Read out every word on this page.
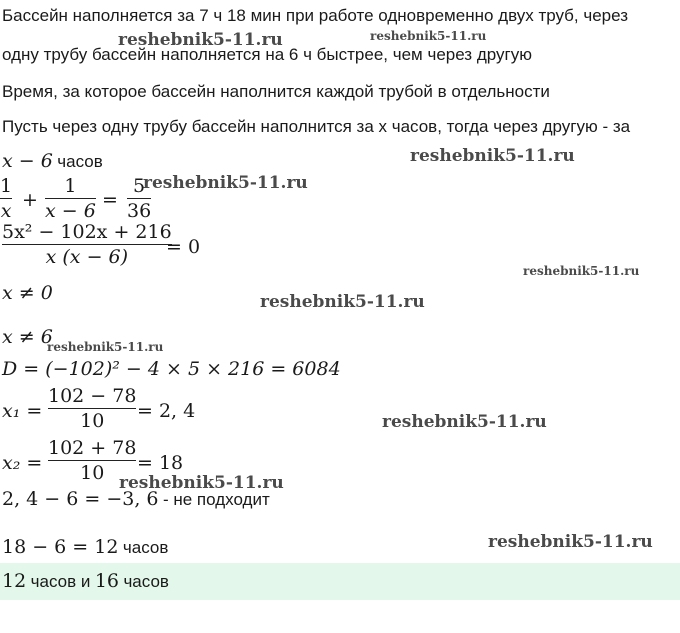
Бассейн наполняется за 7 ч 18 мин при работе одновременно двух труб, через
одну трубу бассейн наполняется на 6 ч быстрее, чем через другую
Время, за которое бассейн наполнится каждой трубой в отдельности
Пусть через одну трубу бассейн наполнится за х часов, тогда через другую - за
x − 6 часов
1
x +
1
x − 6 =
5
36
5x² − 102x + 216
x (x − 6) = 0
x ≠ 0
x ≠ 6
D = (−102)² − 4 × 5 × 216 = 6084
x₁ =
102 − 78
10 = 2, 4
x₂ =
102 + 78
10 = 18
2, 4 − 6 = −3, 6 - не подходит
18 − 6 = 12 часов
12 часов и 16 часов
reshebnik5-11.ru	reshebnik5-11.ru
reshebnik5-11.ru
reshebnik5-11.ru
reshebnik5-11.ru
reshebnik5-11.ru
reshebnik5-11.ru
reshebnik5-11.ru
reshebnik5-11.ru
reshebnik5-11.ru
